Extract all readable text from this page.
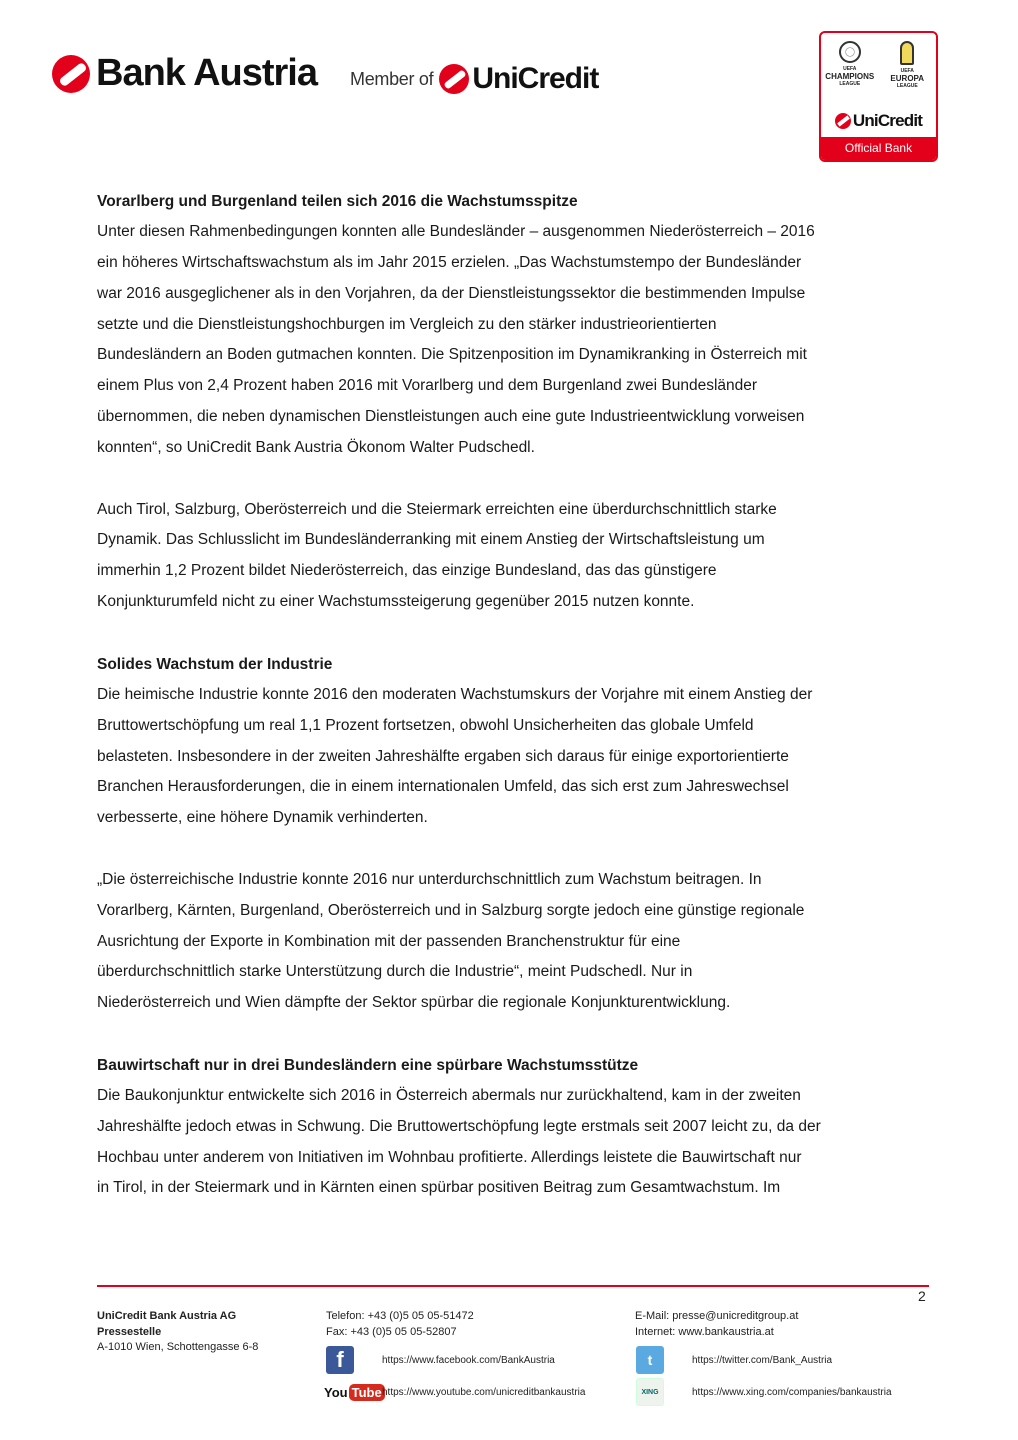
Bank Austria Member of UniCredit	UEFA
CHAMPIONS
LEAGUE
UEFA
EUROPA
LEAGUE
UniCredit
Official Bank
Vorarlberg und Burgenland teilen sich 2016 die Wachstumsspitze
Unter diesen Rahmenbedingungen konnten alle Bundesländer – ausgenommen Niederösterreich – 2016
ein höheres Wirtschaftswachstum als im Jahr 2015 erzielen. „Das Wachstumstempo der Bundesländer
war 2016 ausgeglichener als in den Vorjahren, da der Dienstleistungssektor die bestimmenden Impulse
setzte und die Dienstleistungshochburgen im Vergleich zu den stärker industrieorientierten
Bundesländern an Boden gutmachen konnten. Die Spitzenposition im Dynamikranking in Österreich mit
einem Plus von 2,4 Prozent haben 2016 mit Vorarlberg und dem Burgenland zwei Bundesländer
übernommen, die neben dynamischen Dienstleistungen auch eine gute Industrieentwicklung vorweisen
konnten“, so UniCredit Bank Austria Ökonom Walter Pudschedl.
Auch Tirol, Salzburg, Oberösterreich und die Steiermark erreichten eine überdurchschnittlich starke
Dynamik. Das Schlusslicht im Bundesländerranking mit einem Anstieg der Wirtschaftsleistung um
immerhin 1,2 Prozent bildet Niederösterreich, das einzige Bundesland, das das günstigere
Konjunkturumfeld nicht zu einer Wachstumssteigerung gegenüber 2015 nutzen konnte.
Solides Wachstum der Industrie
Die heimische Industrie konnte 2016 den moderaten Wachstumskurs der Vorjahre mit einem Anstieg der
Bruttowertschöpfung um real 1,1 Prozent fortsetzen, obwohl Unsicherheiten das globale Umfeld
belasteten. Insbesondere in der zweiten Jahreshälfte ergaben sich daraus für einige exportorientierte
Branchen Herausforderungen, die in einem internationalen Umfeld, das sich erst zum Jahreswechsel
verbesserte, eine höhere Dynamik verhinderten.
„Die österreichische Industrie konnte 2016 nur unterdurchschnittlich zum Wachstum beitragen. In
Vorarlberg, Kärnten, Burgenland, Oberösterreich und in Salzburg sorgte jedoch eine günstige regionale
Ausrichtung der Exporte in Kombination mit der passenden Branchenstruktur für eine
überdurchschnittlich starke Unterstützung durch die Industrie“, meint Pudschedl. Nur in
Niederösterreich und Wien dämpfte der Sektor spürbar die regionale Konjunkturentwicklung.
Bauwirtschaft nur in drei Bundesländern eine spürbare Wachstumsstütze
Die Baukonjunktur entwickelte sich 2016 in Österreich abermals nur zurückhaltend, kam in der zweiten
Jahreshälfte jedoch etwas in Schwung. Die Bruttowertschöpfung legte erstmals seit 2007 leicht zu, da der
Hochbau unter anderem von Initiativen im Wohnbau profitierte. Allerdings leistete die Bauwirtschaft nur
in Tirol, in der Steiermark und in Kärnten einen spürbar positiven Beitrag zum Gesamtwachstum. Im
2
UniCredit Bank Austria AG
Pressestelle
A-1010 Wien, Schottengasse 6-8
Telefon: +43 (0)5 05 05-51472
Fax: +43 (0)5 05 05-52807
E-Mail: presse@unicreditgroup.at
Internet: www.bankaustria.at
f	https://www.facebook.com/BankAustria	t	https://twitter.com/Bank_Austria
You Tube https://www.youtube.com/unicreditbankaustria	XING	https://www.xing.com/companies/bankaustria
